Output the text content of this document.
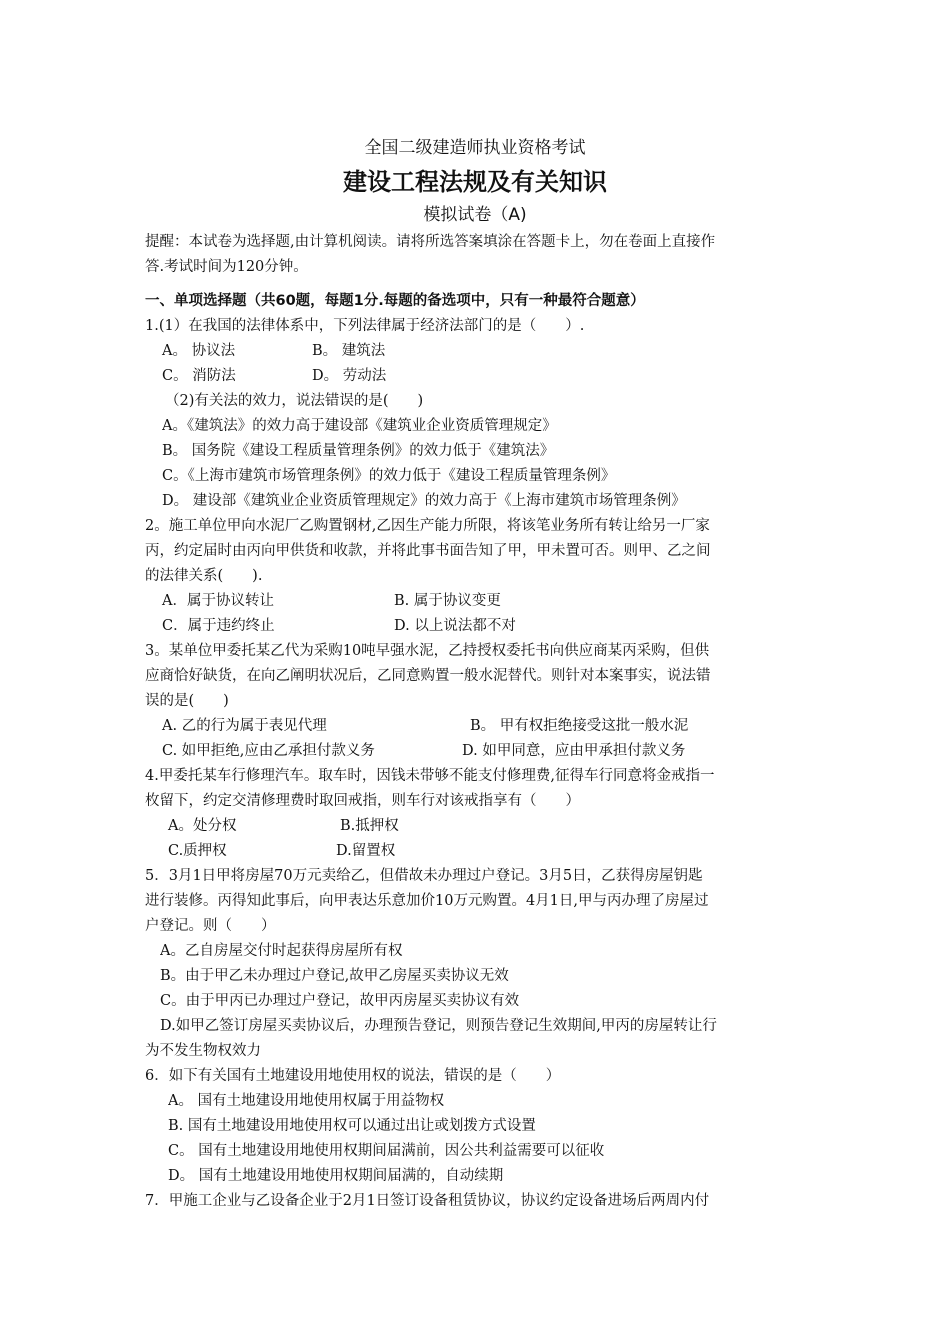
全国二级建造师执业资格考试
建设工程法规及有关知识
模拟试卷（A)
提醒：本试卷为选择题,由计算机阅读。请将所选答案填涂在答题卡上，勿在卷面上直接作
答.考试时间为120分钟。
一、单项选择题（共60题，每题1分.每题的备选项中，只有一种最符合题意）
1.(1）在我国的法律体系中，下列法律属于经济法部门的是（　　）.
A。 协议法	B。 建筑法
C。 消防法	D。 劳动法
（2)有关法的效力，说法错误的是(　　)
A。《建筑法》的效力高于建设部《建筑业企业资质管理规定》
B。 国务院《建设工程质量管理条例》的效力低于《建筑法》
C。《上海市建筑市场管理条例》的效力低于《建设工程质量管理条例》
D。 建设部《建筑业企业资质管理规定》的效力高于《上海市建筑市场管理条例》
2。施工单位甲向水泥厂乙购置钢材,乙因生产能力所限，将该笔业务所有转让给另一厂家
丙，约定届时由丙向甲供货和收款，并将此事书面告知了甲，甲未置可否。则甲、乙之间
的法律关系(　　).
A．属于协议转让	B. 属于协议变更
C．属于违约终止	D. 以上说法都不对
3。某单位甲委托某乙代为采购10吨早强水泥，乙持授权委托书向供应商某丙采购，但供
应商恰好缺货，在向乙阐明状况后，乙同意购置一般水泥替代。则针对本案事实，说法错
误的是(　　)
A. 乙的行为属于表见代理	B。 甲有权拒绝接受这批一般水泥
C. 如甲拒绝,应由乙承担付款义务	D. 如甲同意，应由甲承担付款义务
4.甲委托某车行修理汽车。取车时，因钱未带够不能支付修理费,征得车行同意将金戒指一
枚留下，约定交清修理费时取回戒指，则车行对该戒指享有（　　）
A。处分权	B.抵押权
C.质押权	D.留置权
5．3月1日甲将房屋70万元卖给乙，但借故未办理过户登记。3月5日，乙获得房屋钥匙
进行装修。丙得知此事后，向甲表达乐意加价10万元购置。4月1日,甲与丙办理了房屋过
户登记。则（　　）
A。乙自房屋交付时起获得房屋所有权
B。由于甲乙未办理过户登记,故甲乙房屋买卖协议无效
C。由于甲丙已办理过户登记，故甲丙房屋买卖协议有效
D.如甲乙签订房屋买卖协议后，办理预告登记，则预告登记生效期间,甲丙的房屋转让行
为不发生物权效力
6．如下有关国有土地建设用地使用权的说法，错误的是（　　）
A。 国有土地建设用地使用权属于用益物权
B. 国有土地建设用地使用权可以通过出让或划拨方式设置
C。 国有土地建设用地使用权期间届满前，因公共利益需要可以征收
D。 国有土地建设用地使用权期间届满的，自动续期
7．甲施工企业与乙设备企业于2月1日签订设备租赁协议，协议约定设备进场后两周内付
